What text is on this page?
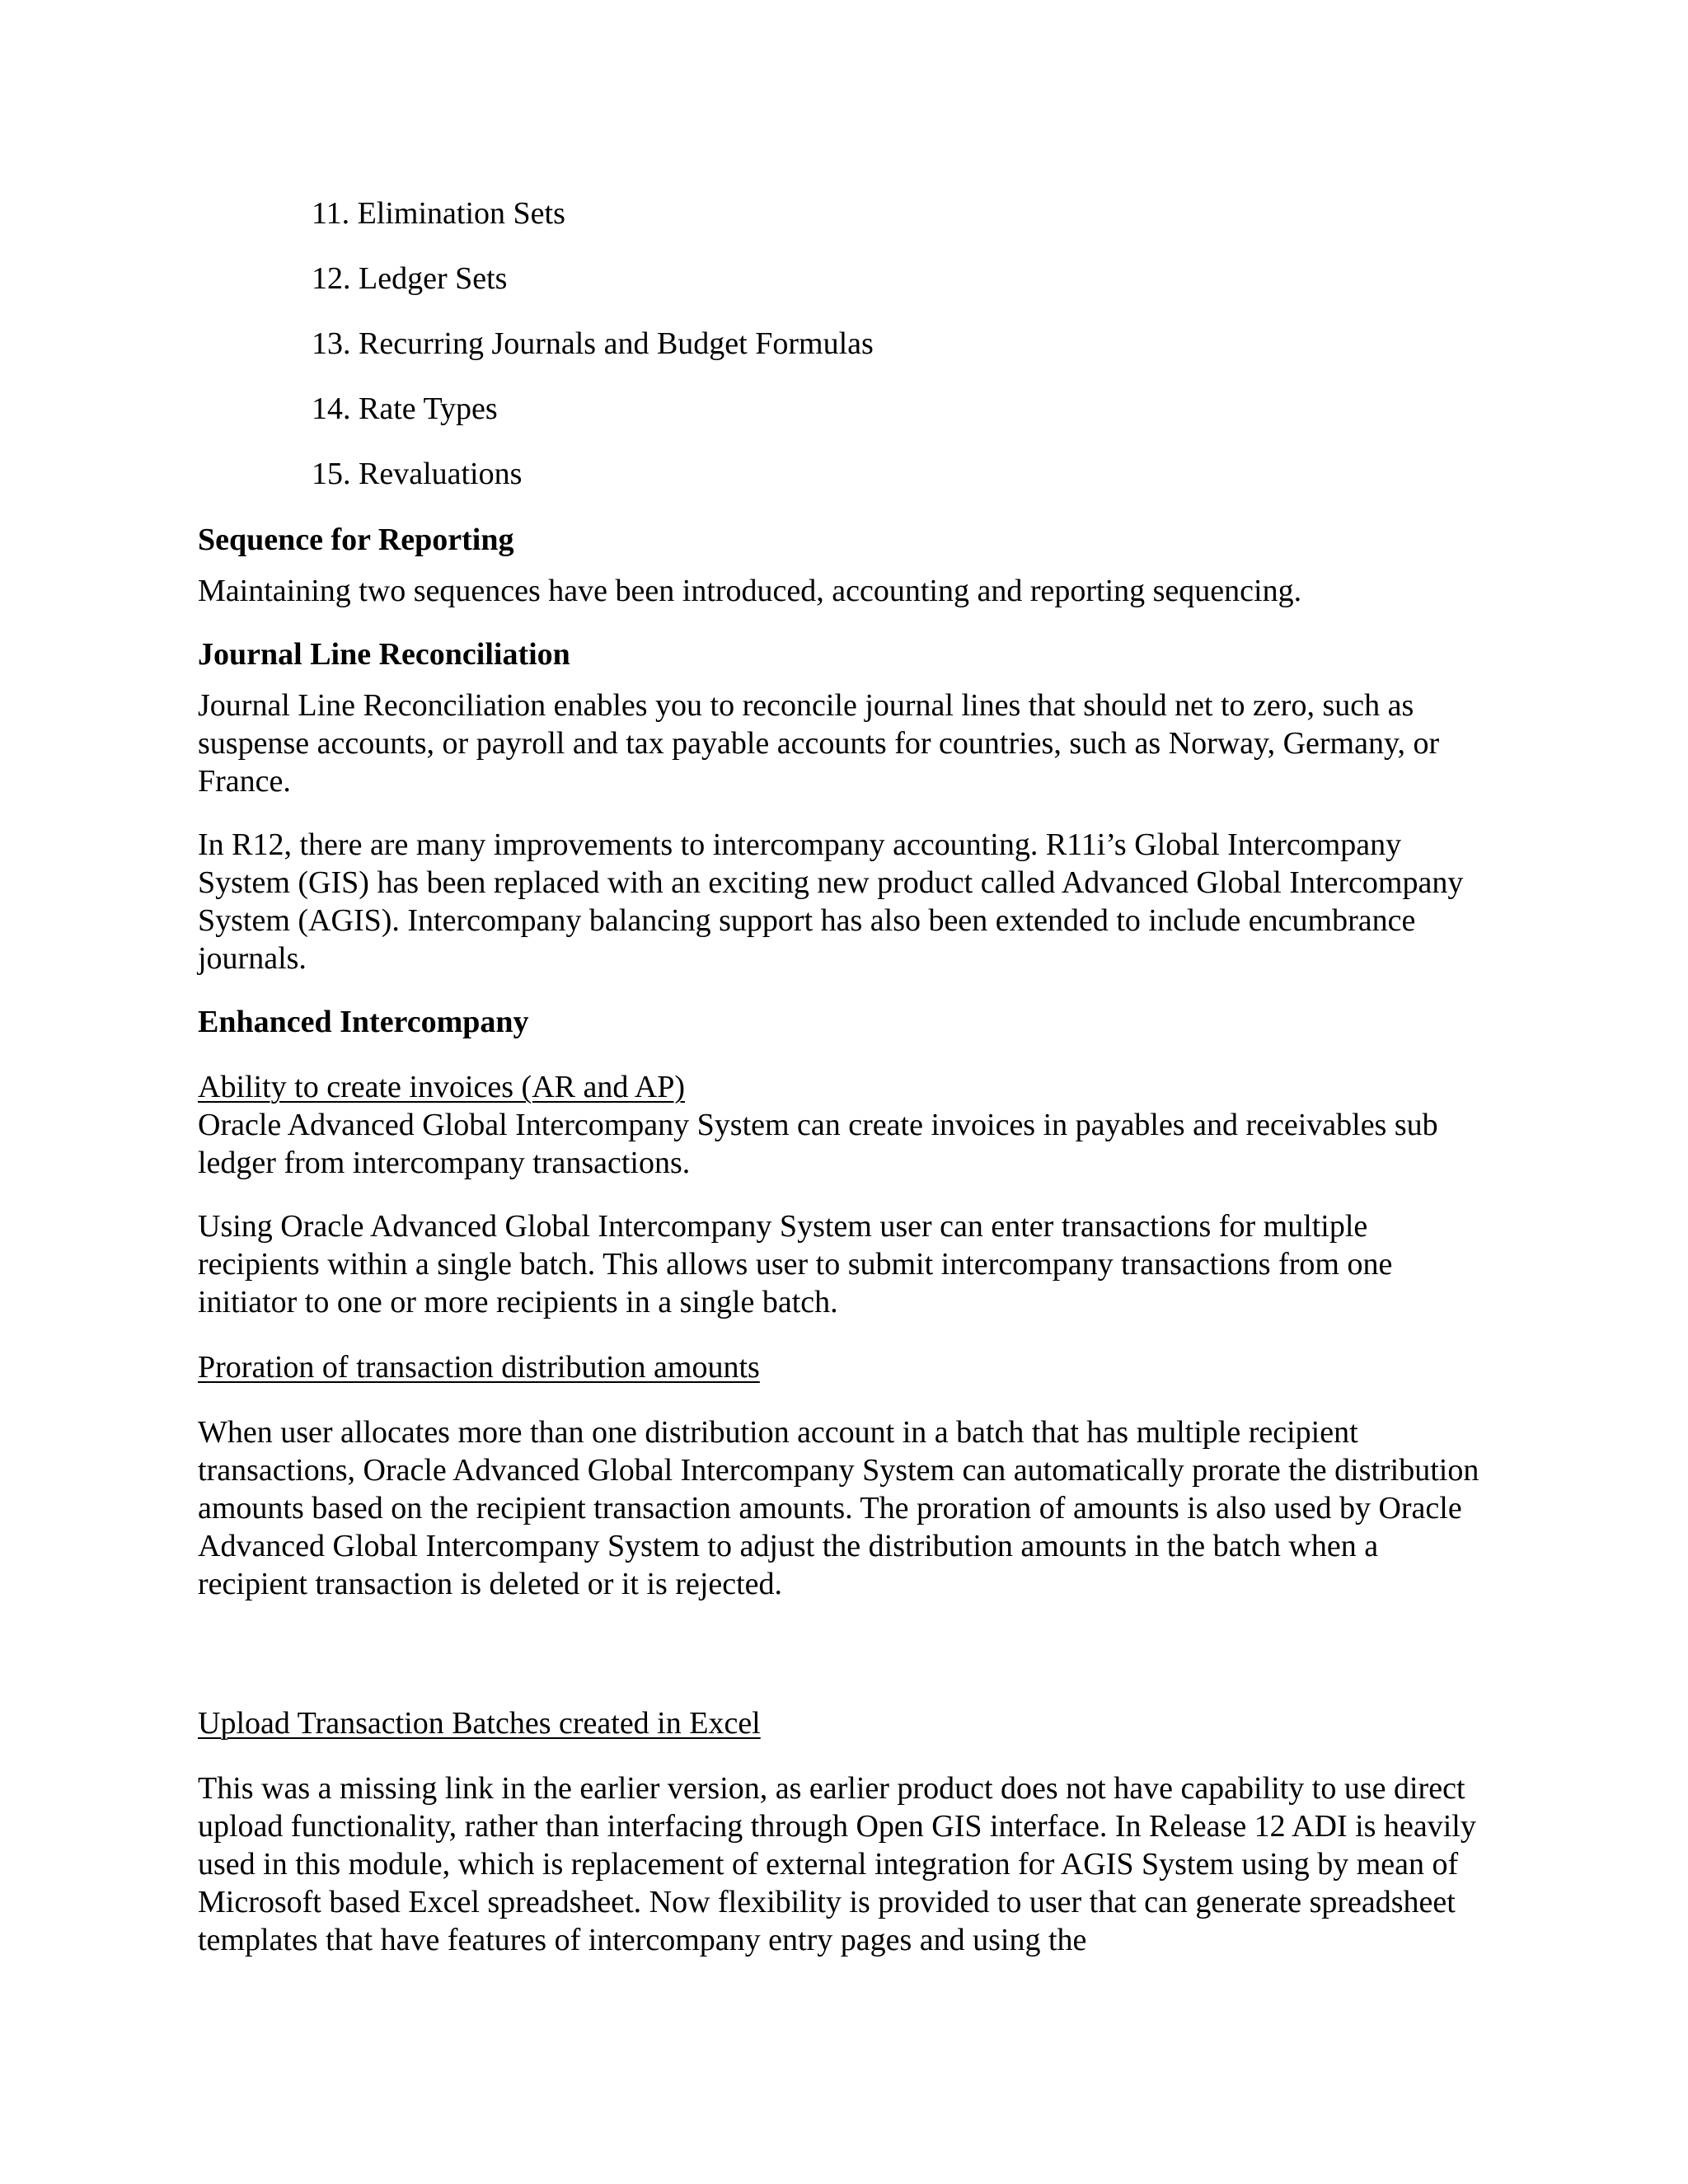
11. Elimination Sets
12. Ledger Sets
13. Recurring Journals and Budget Formulas
14. Rate Types
15. Revaluations

Sequence for Reporting

Maintaining two sequences have been introduced, accounting and reporting sequencing.

Journal Line Reconciliation

Journal Line Reconciliation enables you to reconcile journal lines that should net to zero, such as suspense accounts, or payroll and tax payable accounts for countries, such as Norway, Germany, or France.

In R12, there are many improvements to intercompany accounting. R11i’s Global Intercompany System (GIS) has been replaced with an exciting new product called Advanced Global Intercompany System (AGIS). Intercompany balancing support has also been extended to include encumbrance journals.

Enhanced Intercompany

Ability to create invoices (AR and AP)

Oracle Advanced Global Intercompany System can create invoices in payables and receivables sub ledger from intercompany transactions.

Using Oracle Advanced Global Intercompany System user can enter transactions for multiple recipients within a single batch. This allows user to submit intercompany transactions from one initiator to one or more recipients in a single batch.

Proration of transaction distribution amounts

When user allocates more than one distribution account in a batch that has multiple recipient transactions, Oracle Advanced Global Intercompany System can automatically prorate the distribution amounts based on the recipient transaction amounts. The proration of amounts is also used by Oracle Advanced Global Intercompany System to adjust the distribution amounts in the batch when a recipient transaction is deleted or it is rejected.

Upload Transaction Batches created in Excel

This was a missing link in the earlier version, as earlier product does not have capability to use direct upload functionality, rather than interfacing through Open GIS interface. In Release 12 ADI is heavily used in this module, which is replacement of external integration for AGIS System using by mean of Microsoft based Excel spreadsheet. Now flexibility is provided to user that can generate spreadsheet templates that have features of intercompany entry pages and using the
